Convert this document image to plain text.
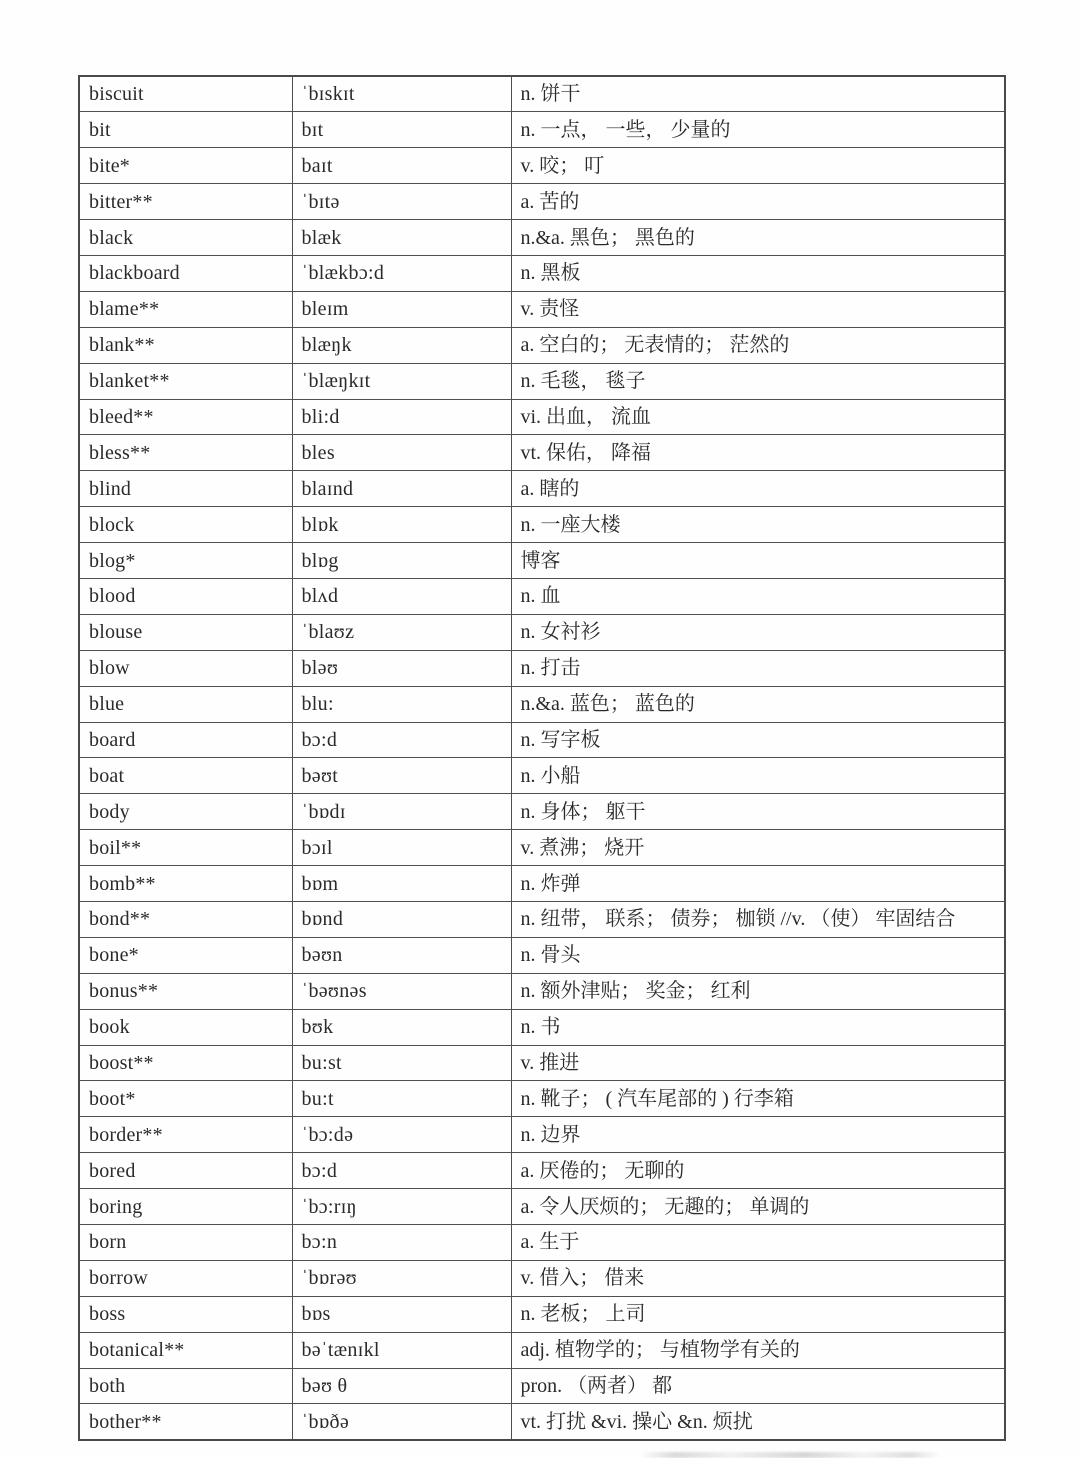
biscuit	ˈbɪskɪt	n. 饼干
bit	bɪt	n. 一点， 一些， 少量的
bite*	baɪt	v. 咬； 叮
bitter**	ˈbɪtə	a. 苦的
black	blæk	n.&a. 黑色； 黑色的
blackboard	ˈblækbɔ:d	n. 黑板
blame**	bleɪm	v. 责怪
blank**	blæŋk	a. 空白的； 无表情的； 茫然的
blanket**	ˈblæŋkɪt	n. 毛毯， 毯子
bleed**	bli:d	vi. 出血， 流血
bless**	bles	vt. 保佑， 降福
blind	blaɪnd	a. 瞎的
block	blɒk	n. 一座大楼
blog*	blɒg	博客
blood	blʌd	n. 血
blouse	ˈblaʊz	n. 女衬衫
blow	bləʊ	n. 打击
blue	blu:	n.&a. 蓝色； 蓝色的
board	bɔ:d	n. 写字板
boat	bəʊt	n. 小船
body	ˈbɒdɪ	n. 身体； 躯干
boil**	bɔɪl	v. 煮沸； 烧开
bomb**	bɒm	n. 炸弹
bond**	bɒnd	n. 纽带， 联系； 债券； 枷锁 //v. （使） 牢固结合
bone*	bəʊn	n. 骨头
bonus**	ˈbəʊnəs	n. 额外津贴； 奖金； 红利
book	bʊk	n. 书
boost**	bu:st	v. 推进
boot*	bu:t	n. 靴子； ( 汽车尾部的 ) 行李箱
border**	ˈbɔ:də	n. 边界
bored	bɔ:d	a. 厌倦的； 无聊的
boring	ˈbɔ:rɪŋ	a. 令人厌烦的； 无趣的； 单调的
born	bɔ:n	a. 生于
borrow	ˈbɒrəʊ	v. 借入； 借来
boss	bɒs	n. 老板； 上司
botanical**	bəˈtænɪkl	adj. 植物学的； 与植物学有关的
both	bəʊ θ	pron. （两者） 都
bother**	ˈbɒðə	vt. 打扰 &vi. 操心 &n. 烦扰
